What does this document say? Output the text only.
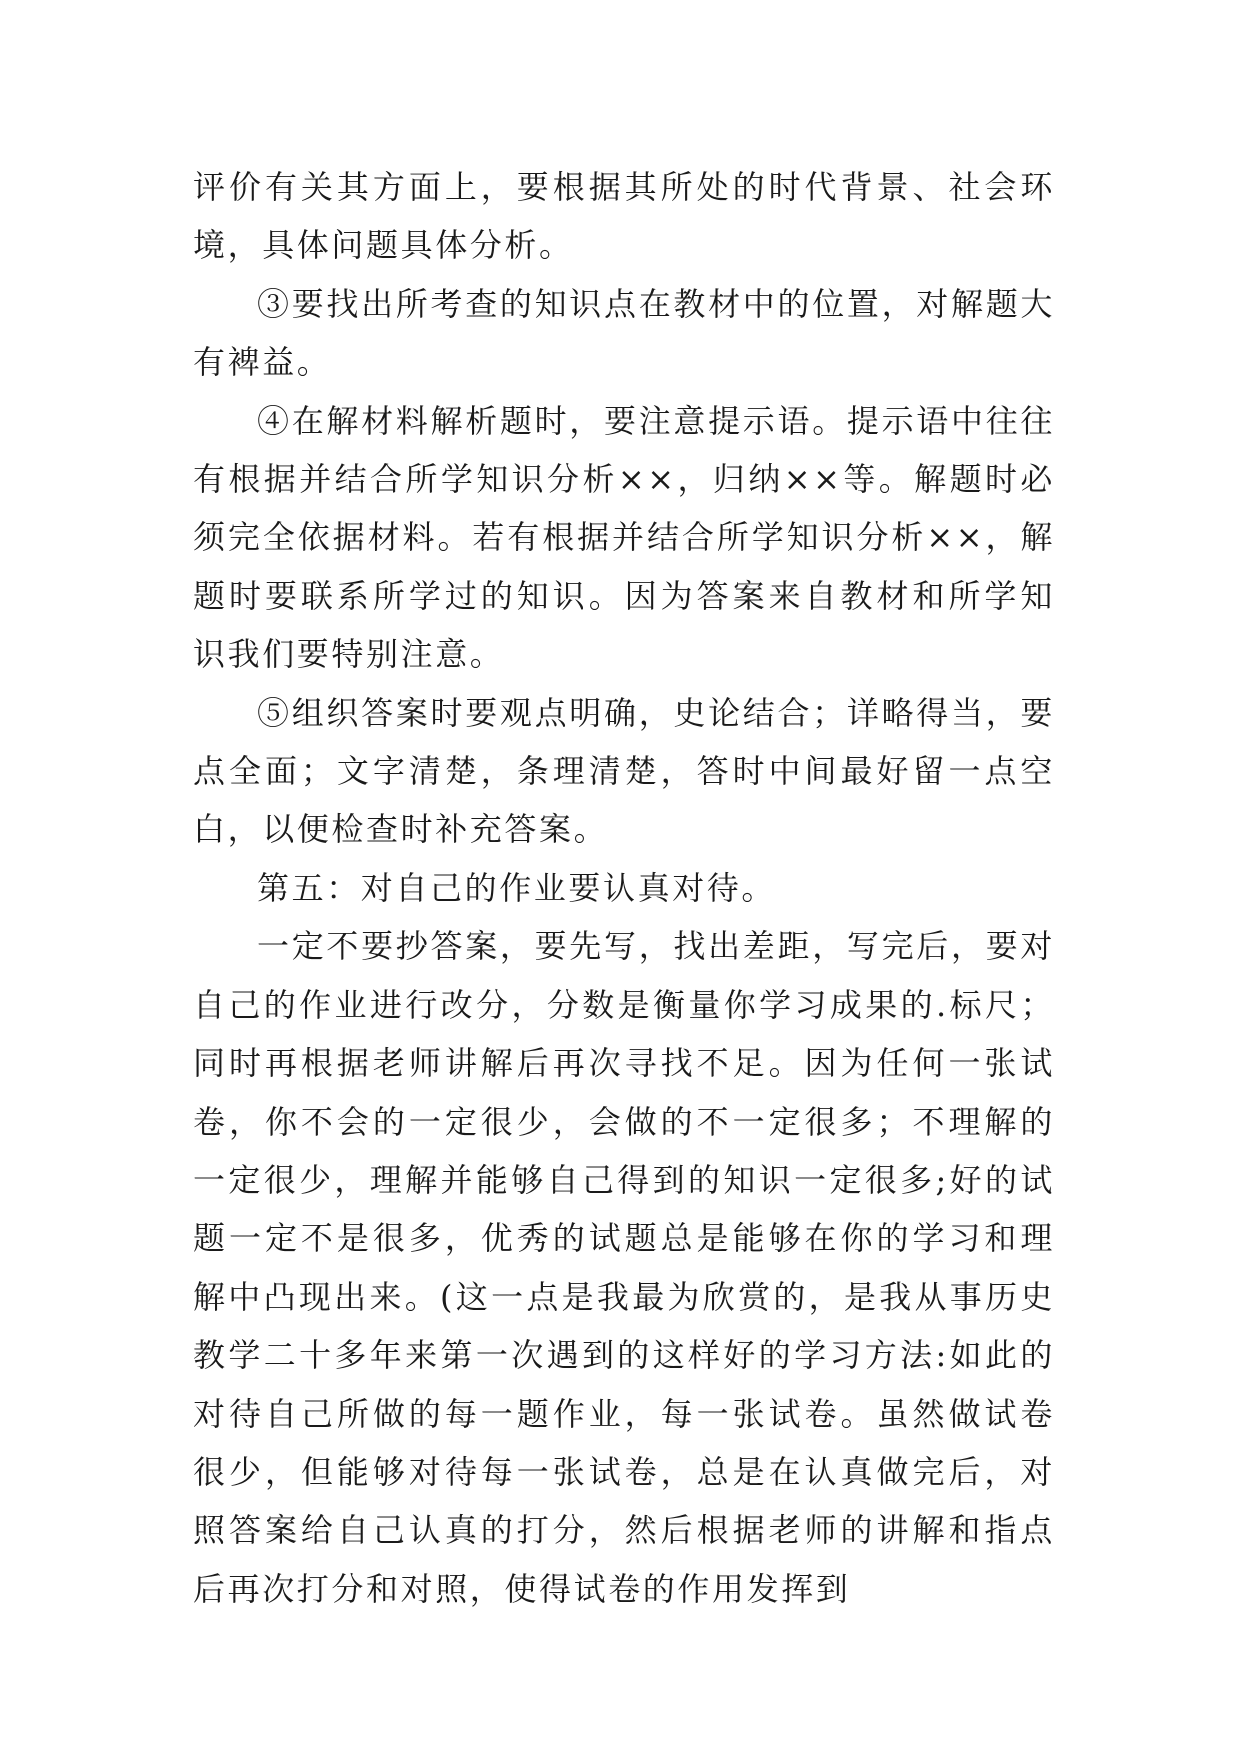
评价有关其方面上，要根据其所处的时代背景、社会环境，具体问题具体分析。

③要找出所考查的知识点在教材中的位置，对解题大有裨益。

④在解材料解析题时，要注意提示语。提示语中往往有根据并结合所学知识分析××，归纳××等。解题时必须完全依据材料。若有根据并结合所学知识分析××，解题时要联系所学过的知识。因为答案来自教材和所学知识我们要特别注意。

⑤组织答案时要观点明确，史论结合；详略得当，要点全面；文字清楚，条理清楚，答时中间最好留一点空白，以便检查时补充答案。

第五：对自己的作业要认真对待。

一定不要抄答案，要先写，找出差距，写完后，要对自己的作业进行改分，分数是衡量你学习成果的.标尺；同时再根据老师讲解后再次寻找不足。因为任何一张试卷，你不会的一定很少，会做的不一定很多；不理解的一定很少，理解并能够自己得到的知识一定很多;好的试题一定不是很多，优秀的试题总是能够在你的学习和理解中凸现出来。(这一点是我最为欣赏的，是我从事历史教学二十多年来第一次遇到的这样好的学习方法:如此的对待自己所做的每一题作业，每一张试卷。虽然做试卷很少，但能够对待每一张试卷，总是在认真做完后，对照答案给自己认真的打分，然后根据老师的讲解和指点后再次打分和对照，使得试卷的作用发挥到
